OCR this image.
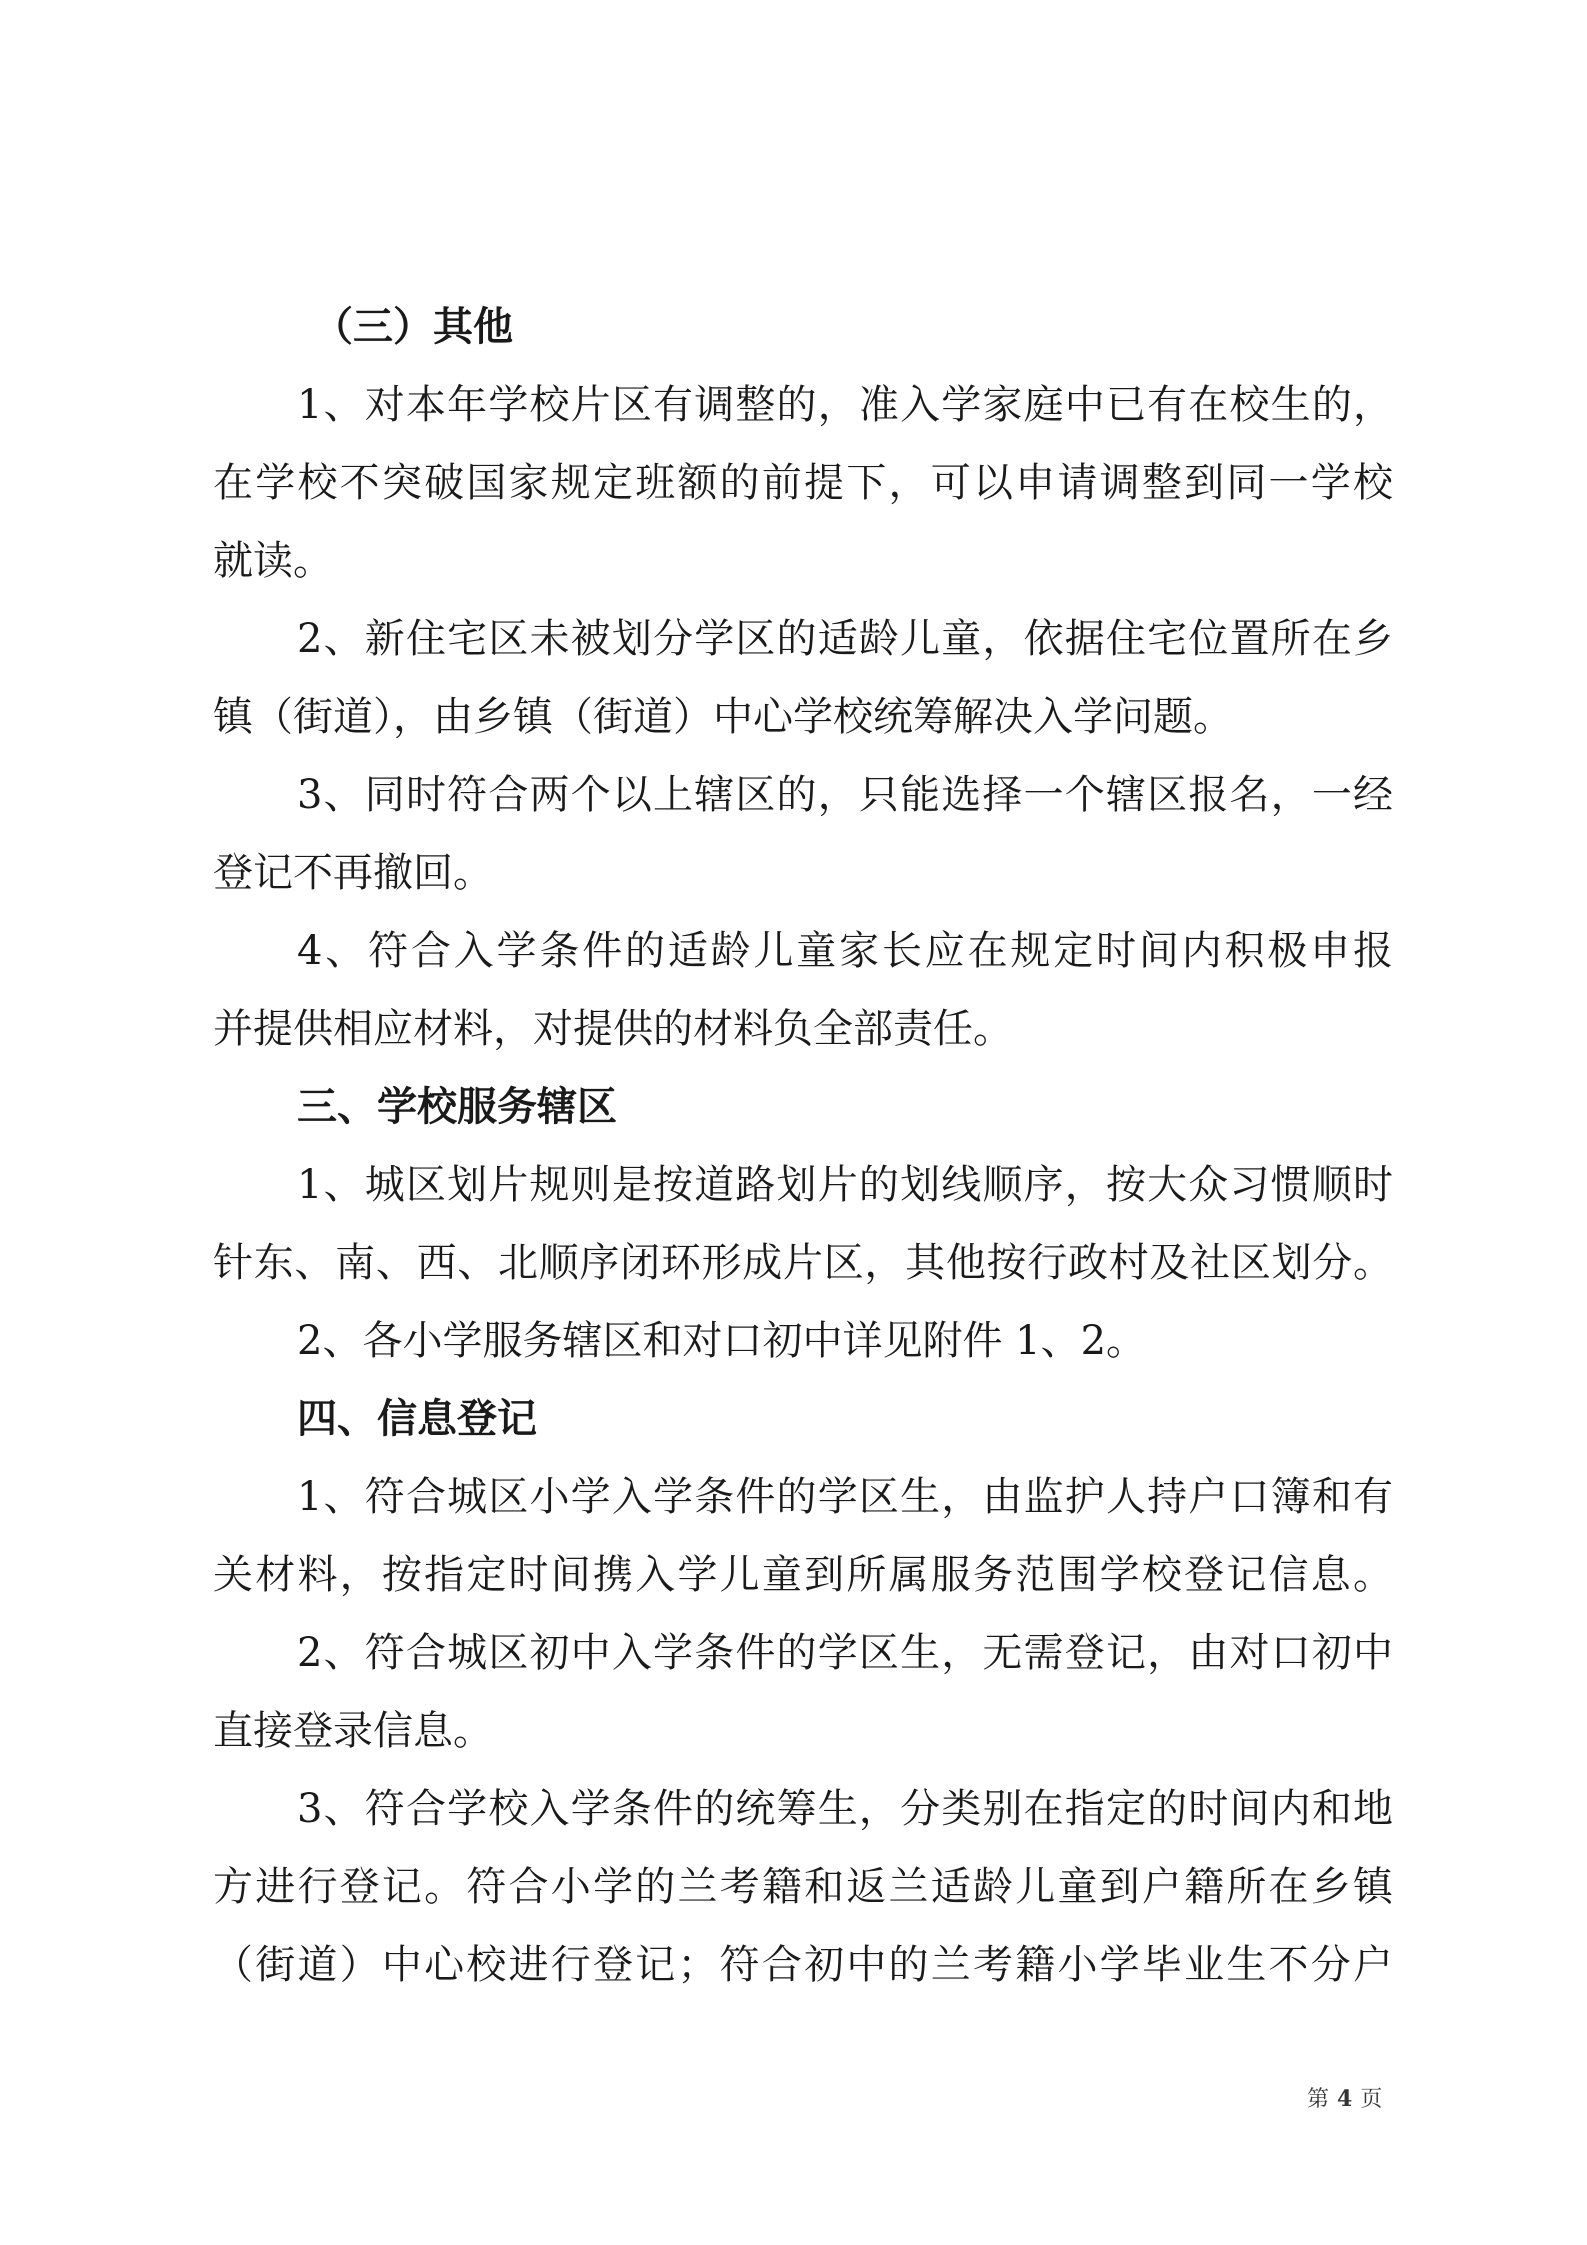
（三）其他
1、对本年学校片区有调整的，准入学家庭中已有在校生的，
在学校不突破国家规定班额的前提下，可以申请调整到同一学校
就读。
2、新住宅区未被划分学区的适龄儿童，依据住宅位置所在乡
镇（街道），由乡镇（街道）中心学校统筹解决入学问题。
3、同时符合两个以上辖区的，只能选择一个辖区报名，一经
登记不再撤回。
4、符合入学条件的适龄儿童家长应在规定时间内积极申报
并提供相应材料，对提供的材料负全部责任。
三、学校服务辖区
1、城区划片规则是按道路划片的划线顺序，按大众习惯顺时
针东、南、西、北顺序闭环形成片区，其他按行政村及社区划分。
2、各小学服务辖区和对口初中详见附件 1、2。
四、信息登记
1、符合城区小学入学条件的学区生，由监护人持户口簿和有
关材料，按指定时间携入学儿童到所属服务范围学校登记信息。
2、符合城区初中入学条件的学区生，无需登记，由对口初中
直接登录信息。
3、符合学校入学条件的统筹生，分类别在指定的时间内和地
方进行登记。符合小学的兰考籍和返兰适龄儿童到户籍所在乡镇
（街道）中心校进行登记；符合初中的兰考籍小学毕业生不分户
第 4 页
